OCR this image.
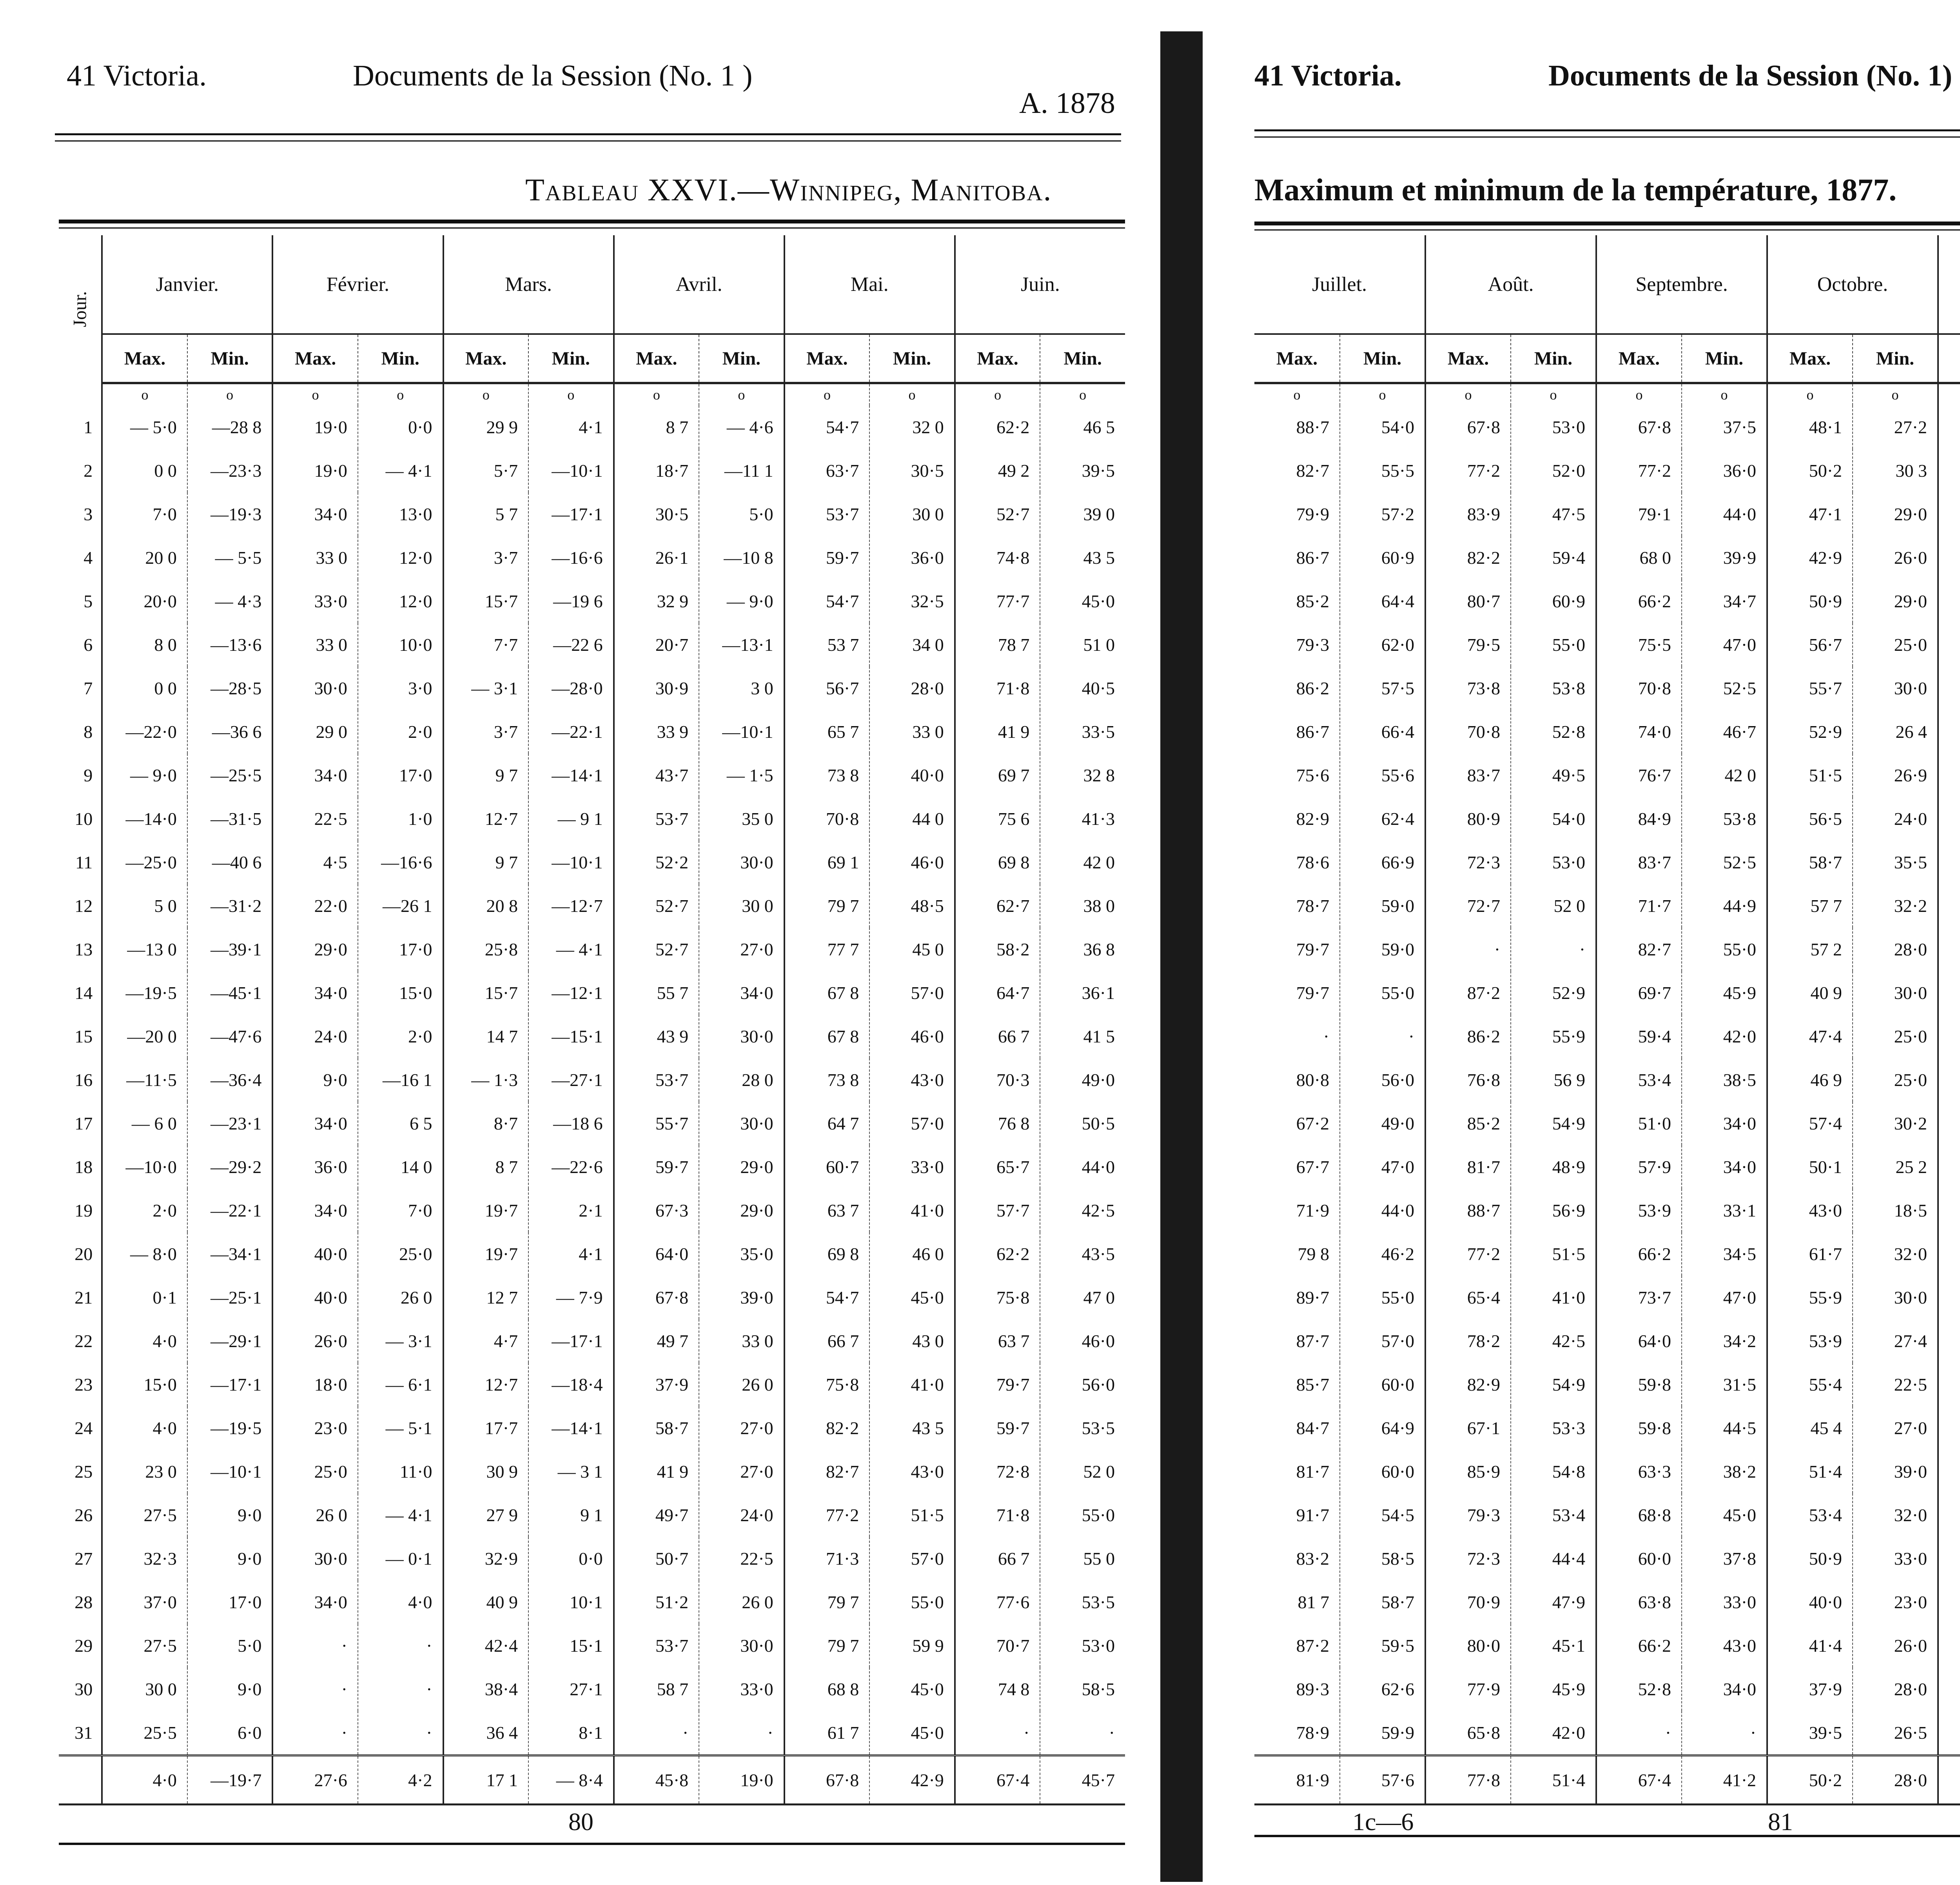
41 Victoria.	Documents de la Session (No. 1 )
A. 1878
Tableau XXVI.—Winnipeg, Manitoba.
Jour.	Janvier.		Février.		Mars.		Avril.		Mai.		Juin.	
	Max.	Min.	Max.	Min.	Max.	Min.	Max.	Min.	Max.	Min.	Max.	Min.
	o	o	o	o	o	o	o	o	o	o	o	o
1	— 5·0	—28 8	19·0	0·0	29 9	4·1	8 7	— 4·6	54·7	32 0	62·2	46 5
2	0 0	—23·3	19·0	— 4·1	5·7	—10·1	18·7	—11 1	63·7	30·5	49 2	39·5
3	7·0	—19·3	34·0	13·0	5 7	—17·1	30·5	5·0	53·7	30 0	52·7	39 0
4	20 0	— 5·5	33 0	12·0	3·7	—16·6	26·1	—10 8	59·7	36·0	74·8	43 5
5	20·0	— 4·3	33·0	12·0	15·7	—19 6	32 9	— 9·0	54·7	32·5	77·7	45·0
6	8 0	—13·6	33 0	10·0	7·7	—22 6	20·7	—13·1	53 7	34 0	78 7	51 0
7	0 0	—28·5	30·0	3·0	— 3·1	—28·0	30·9	3 0	56·7	28·0	71·8	40·5
8	—22·0	—36 6	29 0	2·0	3·7	—22·1	33 9	—10·1	65 7	33 0	41 9	33·5
9	— 9·0	—25·5	34·0	17·0	9 7	—14·1	43·7	— 1·5	73 8	40·0	69 7	32 8
10	—14·0	—31·5	22·5	1·0	12·7	— 9 1	53·7	35 0	70·8	44 0	75 6	41·3
11	—25·0	—40 6	4·5	—16·6	9 7	—10·1	52·2	30·0	69 1	46·0	69 8	42 0
12	5 0	—31·2	22·0	—26 1	20 8	—12·7	52·7	30 0	79 7	48·5	62·7	38 0
13	—13 0	—39·1	29·0	17·0	25·8	— 4·1	52·7	27·0	77 7	45 0	58·2	36 8
14	—19·5	—45·1	34·0	15·0	15·7	—12·1	55 7	34·0	67 8	57·0	64·7	36·1
15	—20 0	—47·6	24·0	2·0	14 7	—15·1	43 9	30·0	67 8	46·0	66 7	41 5
16	—11·5	—36·4	9·0	—16 1	— 1·3	—27·1	53·7	28 0	73 8	43·0	70·3	49·0
17	— 6 0	—23·1	34·0	6 5	8·7	—18 6	55·7	30·0	64 7	57·0	76 8	50·5
18	—10·0	—29·2	36·0	14 0	8 7	—22·6	59·7	29·0	60·7	33·0	65·7	44·0
19	2·0	—22·1	34·0	7·0	19·7	2·1	67·3	29·0	63 7	41·0	57·7	42·5
20	— 8·0	—34·1	40·0	25·0	19·7	4·1	64·0	35·0	69 8	46 0	62·2	43·5
21	0·1	—25·1	40·0	26 0	12 7	— 7·9	67·8	39·0	54·7	45·0	75·8	47 0
22	4·0	—29·1	26·0	— 3·1	4·7	—17·1	49 7	33 0	66 7	43 0	63 7	46·0
23	15·0	—17·1	18·0	— 6·1	12·7	—18·4	37·9	26 0	75·8	41·0	79·7	56·0
24	4·0	—19·5	23·0	— 5·1	17·7	—14·1	58·7	27·0	82·2	43 5	59·7	53·5
25	23 0	—10·1	25·0	11·0	30 9	— 3 1	41 9	27·0	82·7	43·0	72·8	52 0
26	27·5	9·0	26 0	— 4·1	27 9	9 1	49·7	24·0	77·2	51·5	71·8	55·0
27	32·3	9·0	30·0	— 0·1	32·9	0·0	50·7	22·5	71·3	57·0	66 7	55 0
28	37·0	17·0	34·0	4·0	40 9	10·1	51·2	26 0	79 7	55·0	77·6	53·5
29	27·5	5·0	·	·	42·4	15·1	53·7	30·0	79 7	59 9	70·7	53·0
30	30 0	9·0	·	·	38·4	27·1	58 7	33·0	68 8	45·0	74 8	58·5
31	25·5	6·0	·	·	36 4	8·1	·	·	61 7	45·0	·	·
	4·0	—19·7	27·6	4·2	17 1	— 8·4	45·8	19·0	67·8	42·9	67·4	45·7
80
41 Victoria.	Documents de la Session (No. 1)
Maximum et minimum de la température, 1877.
Juillet.		Août.		Septembre.		Octobre.			
Max.	Min.	Max.	Min.	Max.	Min.	Max.	Min.				
o	o	o	o	o	o	o	o					
88·7	54·0	67·8	53·0	67·8	37·5	48·1	27·2					
82·7	55·5	77·2	52·0	77·2	36·0	50·2	30 3					
79·9	57·2	83·9	47·5	79·1	44·0	47·1	29·0					
86·7	60·9	82·2	59·4	68 0	39·9	42·9	26·0					
85·2	64·4	80·7	60·9	66·2	34·7	50·9	29·0					
79·3	62·0	79·5	55·0	75·5	47·0	56·7	25·0					
86·2	57·5	73·8	53·8	70·8	52·5	55·7	30·0					
86·7	66·4	70·8	52·8	74·0	46·7	52·9	26 4					
75·6	55·6	83·7	49·5	76·7	42 0	51·5	26·9					
82·9	62·4	80·9	54·0	84·9	53·8	56·5	24·0					
78·6	66·9	72·3	53·0	83·7	52·5	58·7	35·5					
78·7	59·0	72·7	52 0	71·7	44·9	57 7	32·2					
79·7	59·0	·	·	82·7	55·0	57 2	28·0					
79·7	55·0	87·2	52·9	69·7	45·9	40 9	30·0					
·	·	86·2	55·9	59·4	42·0	47·4	25·0					
80·8	56·0	76·8	56 9	53·4	38·5	46 9	25·0					
67·2	49·0	85·2	54·9	51·0	34·0	57·4	30·2					
67·7	47·0	81·7	48·9	57·9	34·0	50·1	25 2					
71·9	44·0	88·7	56·9	53·9	33·1	43·0	18·5					
79 8	46·2	77·2	51·5	66·2	34·5	61·7	32·0					
89·7	55·0	65·4	41·0	73·7	47·0	55·9	30·0					
87·7	57·0	78·2	42·5	64·0	34·2	53·9	27·4					
85·7	60·0	82·9	54·9	59·8	31·5	55·4	22·5					
84·7	64·9	67·1	53·3	59·8	44·5	45 4	27·0					
81·7	60·0	85·9	54·8	63·3	38·2	51·4	39·0					
91·7	54·5	79·3	53·4	68·8	45·0	53·4	32·0					
83·2	58·5	72·3	44·4	60·0	37·8	50·9	33·0					
81 7	58·7	70·9	47·9	63·8	33·0	40·0	23·0					
87·2	59·5	80·0	45·1	66·2	43·0	41·4	26·0					
89·3	62·6	77·9	45·9	52·8	34·0	37·9	28·0					
78·9	59·9	65·8	42·0	·	·	39·5	26·5					
81·9	57·6	77·8	51·4	67·4	41·2	50·2	28·0					
1c—6	81
